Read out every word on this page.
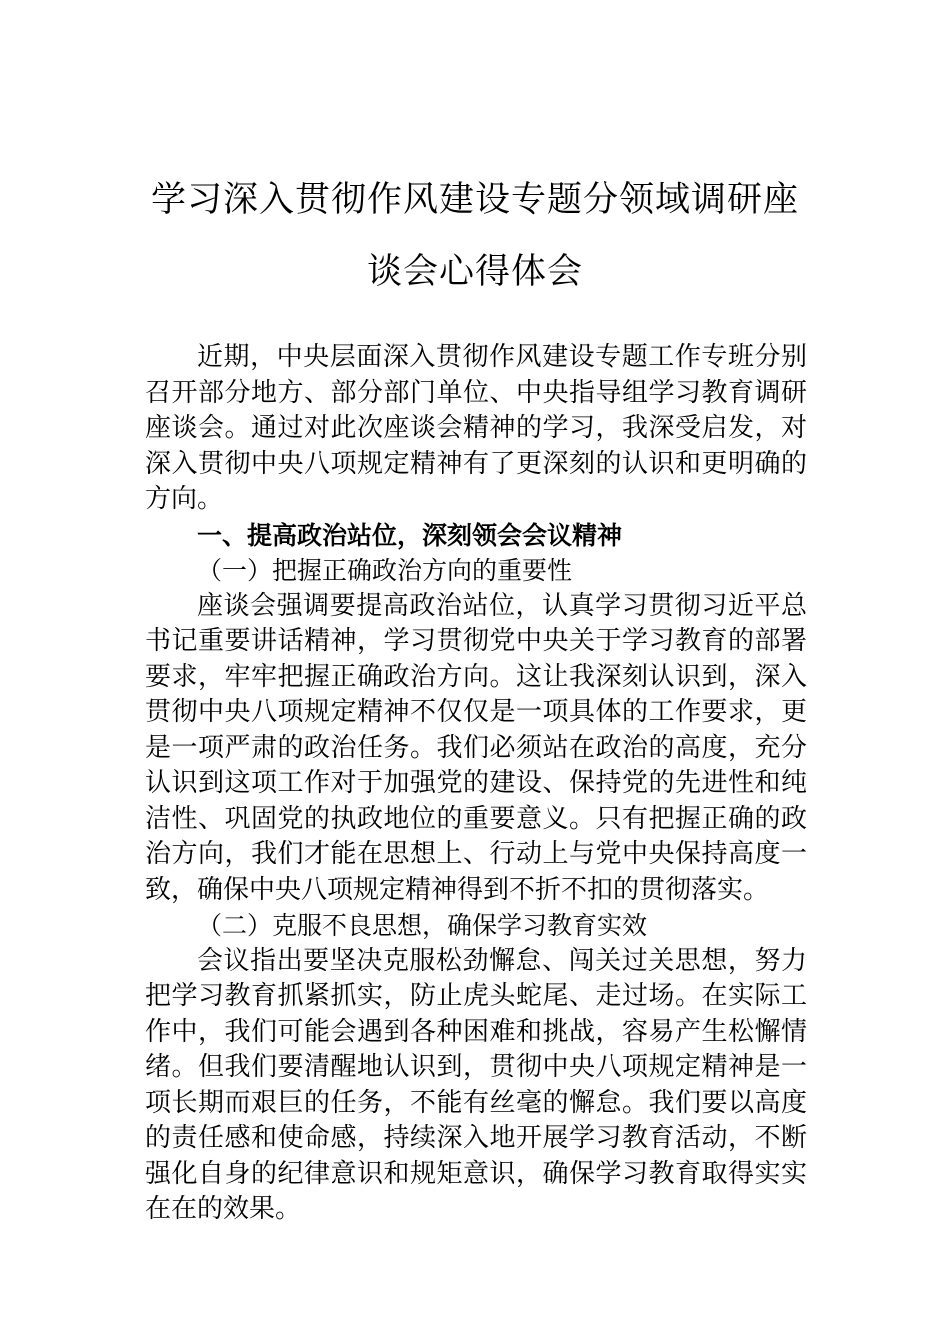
学习深入贯彻作风建设专题分领域调研座
谈会心得体会

近期，中央层面深入贯彻作风建设专题工作专班分别召开部分地方、部分部门单位、中央指导组学习教育调研座谈会。通过对此次座谈会精神的学习，我深受启发，对深入贯彻中央八项规定精神有了更深刻的认识和更明确的方向。

一、提高政治站位，深刻领会会议精神

（一）把握正确政治方向的重要性

座谈会强调要提高政治站位，认真学习贯彻习近平总书记重要讲话精神，学习贯彻党中央关于学习教育的部署要求，牢牢把握正确政治方向。这让我深刻认识到，深入贯彻中央八项规定精神不仅仅是一项具体的工作要求，更是一项严肃的政治任务。我们必须站在政治的高度，充分认识到这项工作对于加强党的建设、保持党的先进性和纯洁性、巩固党的执政地位的重要意义。只有把握正确的政治方向，我们才能在思想上、行动上与党中央保持高度一致，确保中央八项规定精神得到不折不扣的贯彻落实。

（二）克服不良思想，确保学习教育实效

会议指出要坚决克服松劲懈怠、闯关过关思想，努力把学习教育抓紧抓实，防止虎头蛇尾、走过场。在实际工作中，我们可能会遇到各种困难和挑战，容易产生松懈情绪。但我们要清醒地认识到，贯彻中央八项规定精神是一项长期而艰巨的任务，不能有丝毫的懈怠。我们要以高度的责任感和使命感，持续深入地开展学习教育活动，不断强化自身的纪律意识和规矩意识，确保学习教育取得实实在在的效果。
